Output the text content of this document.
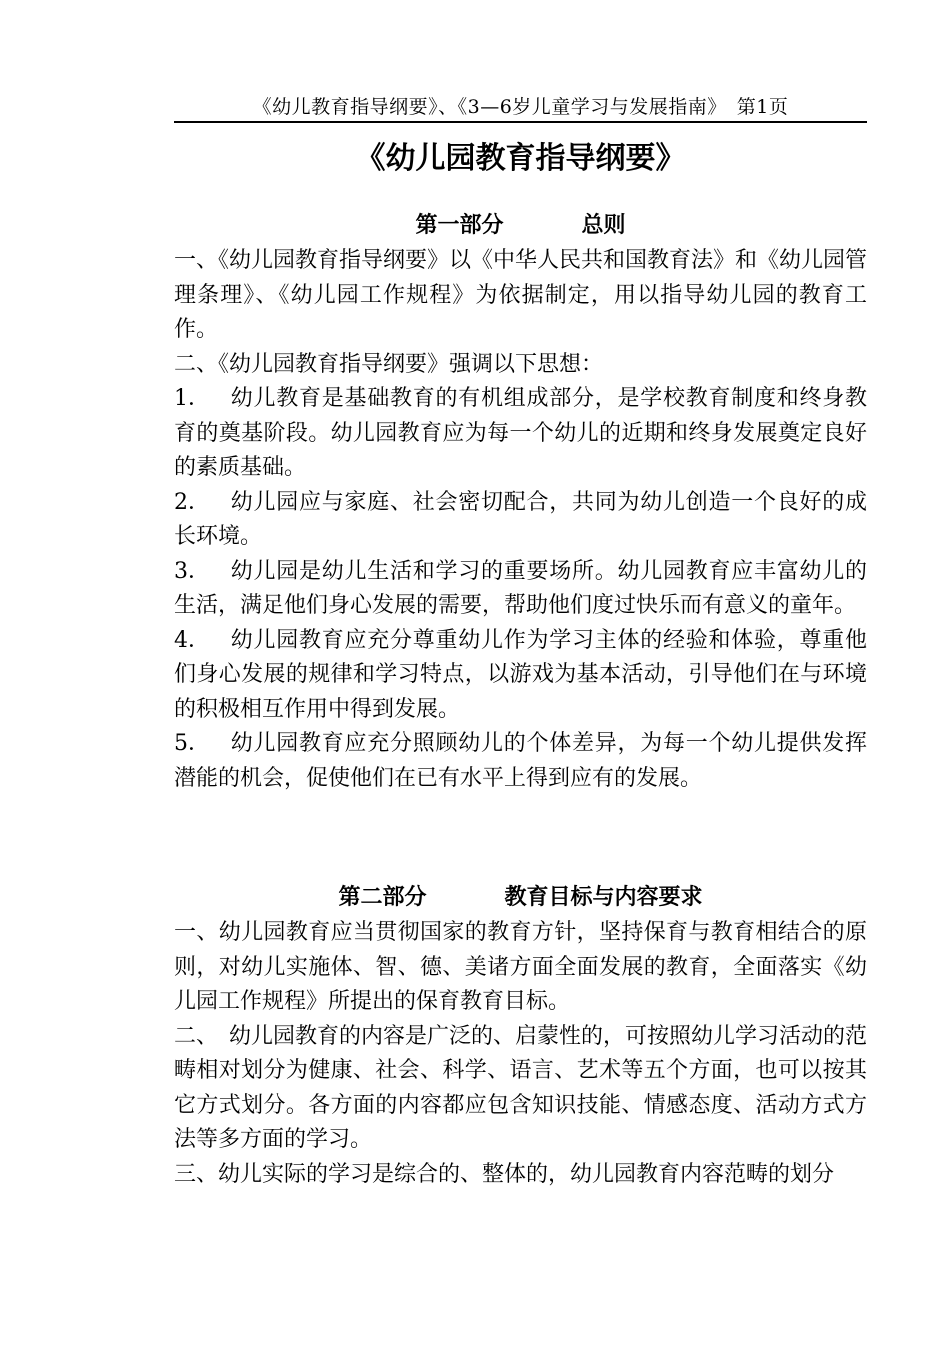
《幼儿教育指导纲要》、《3—6岁儿童学习与发展指南》　第1页
《幼儿园教育指导纲要》
第一部分	总则

一、《幼儿园教育指导纲要》以《中华人民共和国教育法》和《幼儿园管理条理》、《幼儿园工作规程》为依据制定，用以指导幼儿园的教育工作。

二、《幼儿园教育指导纲要》强调以下思想：

1． 幼儿教育是基础教育的有机组成部分，是学校教育制度和终身教育的奠基阶段。幼儿园教育应为每一个幼儿的近期和终身发展奠定良好的素质基础。

2． 幼儿园应与家庭、社会密切配合，共同为幼儿创造一个良好的成长环境。

3． 幼儿园是幼儿生活和学习的重要场所。幼儿园教育应丰富幼儿的生活，满足他们身心发展的需要，帮助他们度过快乐而有意义的童年。

4． 幼儿园教育应充分尊重幼儿作为学习主体的经验和体验，尊重他们身心发展的规律和学习特点，以游戏为基本活动，引导他们在与环境的积极相互作用中得到发展。

5． 幼儿园教育应充分照顾幼儿的个体差异，为每一个幼儿提供发挥潜能的机会，促使他们在已有水平上得到应有的发展。

第二部分	教育目标与内容要求

一、幼儿园教育应当贯彻国家的教育方针，坚持保育与教育相结合的原则，对幼儿实施体、智、德、美诸方面全面发展的教育，全面落实《幼儿园工作规程》所提出的保育教育目标。

二、　幼儿园教育的内容是广泛的、启蒙性的，可按照幼儿学习活动的范畴相对划分为健康、社会、科学、语言、艺术等五个方面，也可以按其它方式划分。各方面的内容都应包含知识技能、情感态度、活动方式方法等多方面的学习。

三、幼儿实际的学习是综合的、整体的，幼儿园教育内容范畴的划分
